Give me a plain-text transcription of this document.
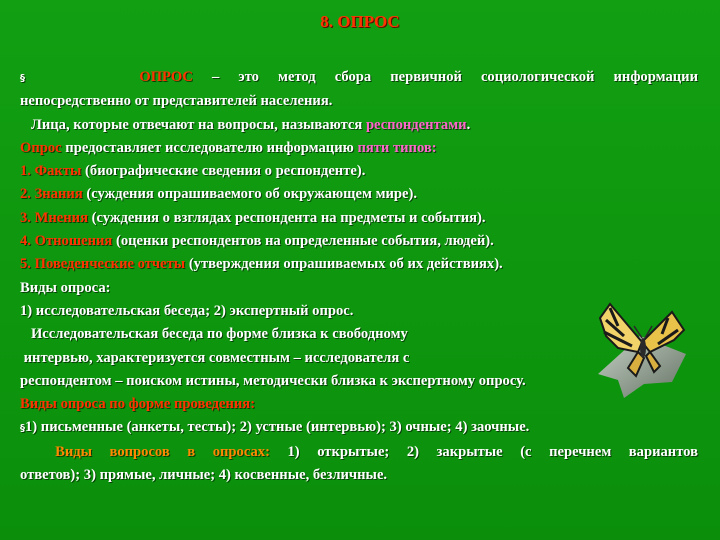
8. ОПРОС

§	ОПРОС – это метод сбора первичной социологической информации

непосредственно от представителей населения.

Лица, которые отвечают на вопросы, называются респондентами.

Опрос предоставляет исследователю информацию пяти типов:

1. Факты (биографические сведения о респонденте).

2. Знания (суждения опрашиваемого об окружающем мире).

3. Мнения (суждения о взглядах респондента на предметы и события).

4. Отношения (оценки респондентов на определенные события, людей).

5. Поведенческие отчеты (утверждения опрашиваемых об их действиях).

Виды опроса:

1) исследовательская беседа; 2) экспертный опрос.

Исследовательская беседа по форме близка к свободному

интервью, характеризуется совместным – исследователя с

респондентом – поиском истины, методически близка к экспертному опросу.

Виды опроса по форме проведения:

§1) письменные (анкеты, тесты); 2) устные (интервью); 3) очные; 4) заочные.

Виды вопросов в опросах: 1) открытые; 2) закрытые (с перечнем вариантов

ответов); 3) прямые, личные; 4) косвенные, безличные.
